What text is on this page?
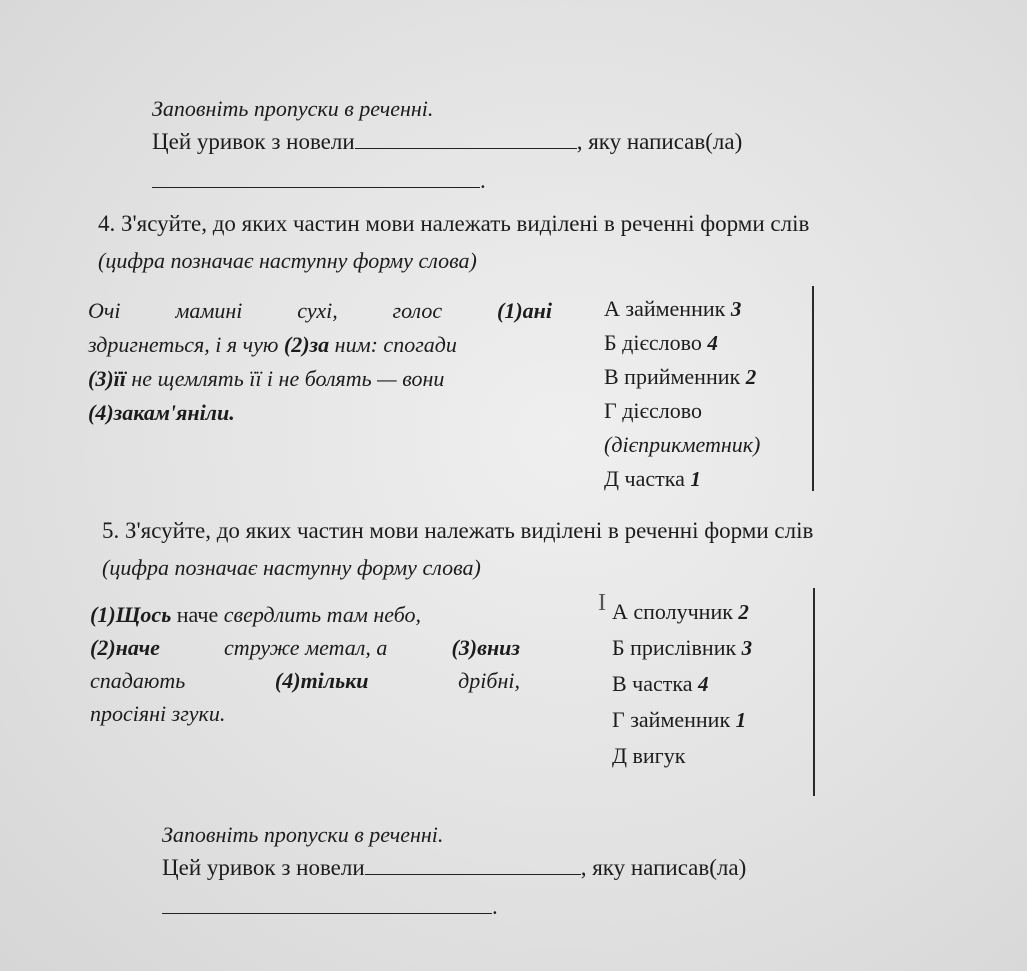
Заповніть пропуски в реченні.
Цей уривок з новели	, яку написав(ла)
.
4. З'ясуйте, до яких частин мови належать виділені в реченні форми слів
(цифра позначає наступну форму слова)
Очі мамині сухі, голос (1)ані
здригнеться, і я чую (2)за ним: спогади
(3)її не щемлять її і не болять — вони
(4)закам'яніли.
А займенник 3
Б дієслово 4
В прийменник 2
Г дієслово
(дієприкметник)
Д частка 1
5. З'ясуйте, до яких частин мови належать виділені в реченні форми слів
(цифра позначає наступну форму слова)
(1)Щось наче свердлить там небо,
(2)наче	струже метал, а	(3)вниз
спадають	(4)тільки	дрібні,
просіяні згуки.
I А сполучник 2
Б прислівник 3
В частка 4
Г займенник 1
Д вигук
Заповніть пропуски в реченні.
Цей уривок з новели	, яку написав(ла)
.
